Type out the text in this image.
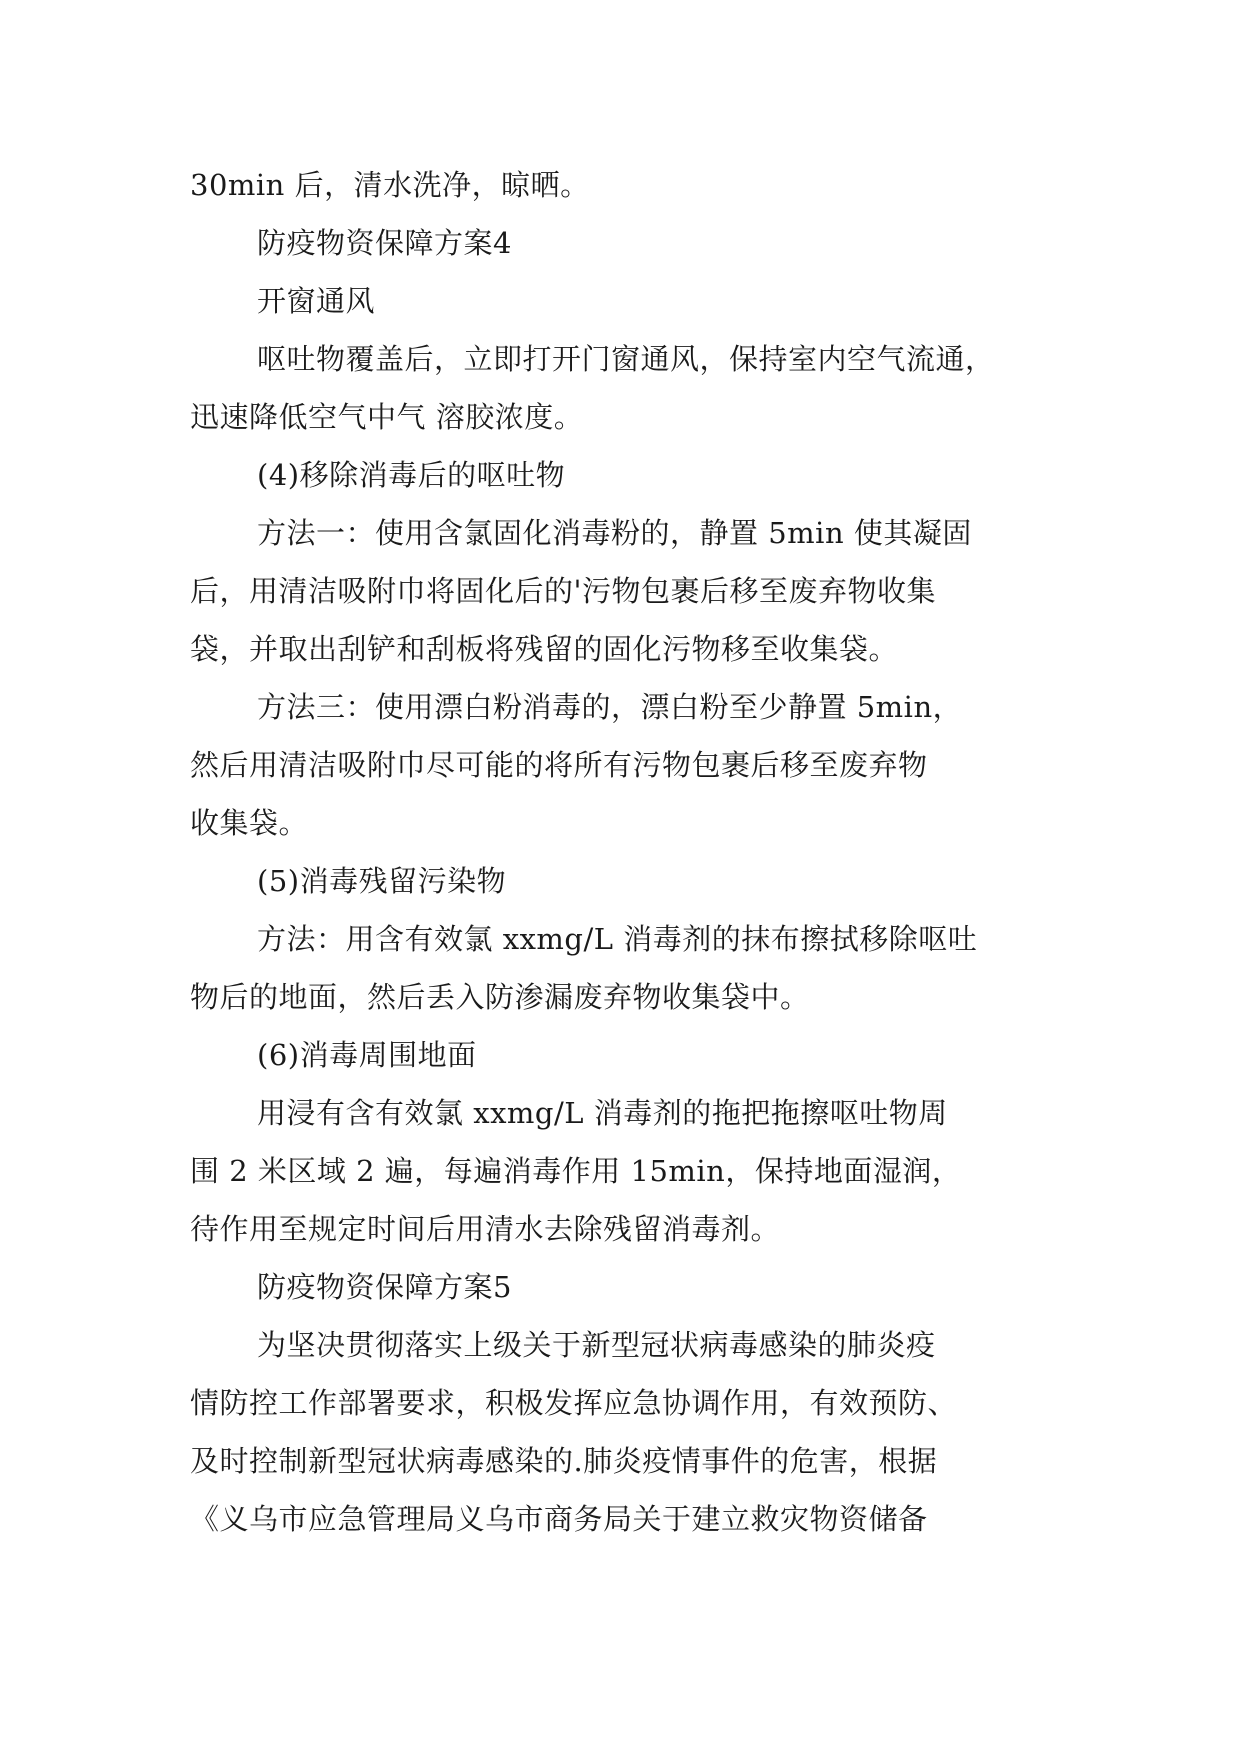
30min 后，清水洗净，晾晒。
防疫物资保障方案4
开窗通风
呕吐物覆盖后，立即打开门窗通风，保持室内空气流通，
迅速降低空气中气 溶胶浓度。
(4)移除消毒后的呕吐物
方法一：使用含氯固化消毒粉的，静置 5min 使其凝固
后，用清洁吸附巾将固化后的'污物包裹后移至废弃物收集
袋，并取出刮铲和刮板将残留的固化污物移至收集袋。
方法三：使用漂白粉消毒的，漂白粉至少静置 5min，
然后用清洁吸附巾尽可能的将所有污物包裹后移至废弃物
收集袋。
(5)消毒残留污染物
方法：用含有效氯 xxmg/L 消毒剂的抹布擦拭移除呕吐
物后的地面，然后丢入防渗漏废弃物收集袋中。
(6)消毒周围地面
用浸有含有效氯 xxmg/L 消毒剂的拖把拖擦呕吐物周
围 2 米区域 2 遍，每遍消毒作用 15min，保持地面湿润，
待作用至规定时间后用清水去除残留消毒剂。
防疫物资保障方案5
为坚决贯彻落实上级关于新型冠状病毒感染的肺炎疫
情防控工作部署要求，积极发挥应急协调作用，有效预防、
及时控制新型冠状病毒感染的.肺炎疫情事件的危害，根据
《义乌市应急管理局义乌市商务局关于建立救灾物资储备
